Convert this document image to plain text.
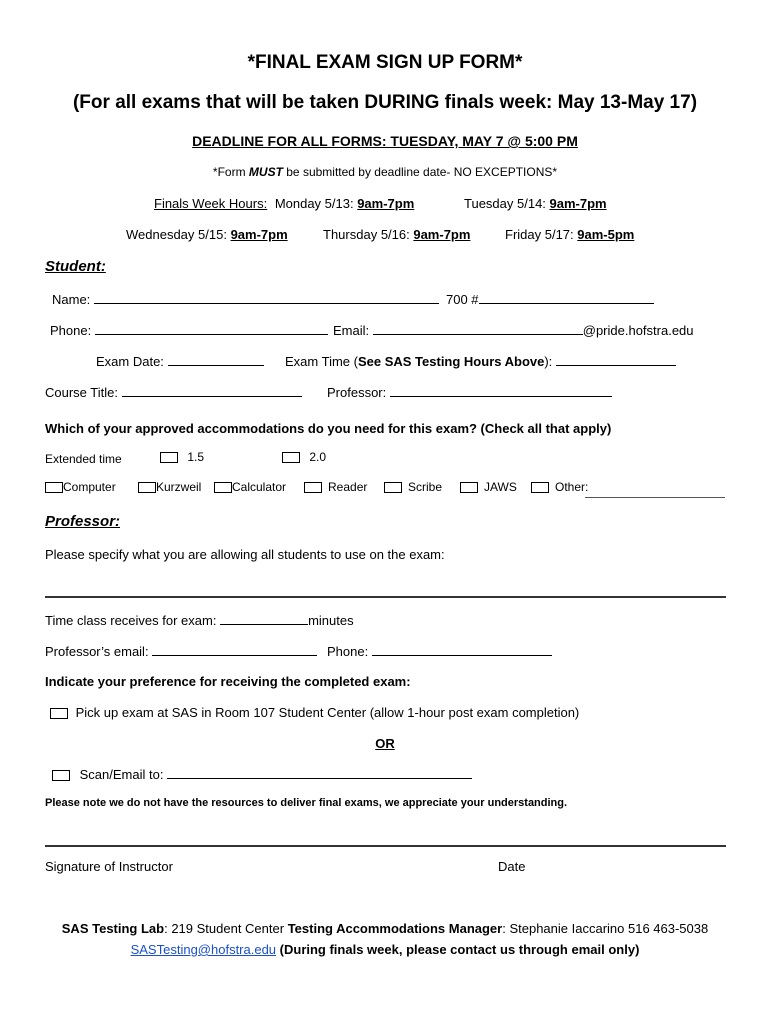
*FINAL EXAM SIGN UP FORM*
(For all exams that will be taken DURING finals week: May 13-May 17)
DEADLINE FOR ALL FORMS: TUESDAY, MAY 7 @ 5:00 PM
*Form MUST be submitted by deadline date- NO EXCEPTIONS*
Finals Week Hours: Monday 5/13: 9am-7pm	Tuesday 5/14: 9am-7pm
Wednesday 5/15: 9am-7pm	Thursday 5/16: 9am-7pm	Friday 5/17: 9am-5pm
Student:
Name:	700 #
Phone:	Email:	@pride.hofstra.edu
Exam Date:	Exam Time (See SAS Testing Hours Above):
Course Title:	Professor:
Which of your approved accommodations do you need for this exam? (Check all that apply)
Extended time	1.5	2.0
Computer	Kurzweil	Calculator	Reader	Scribe	JAWS	Other:
Professor:
Please specify what you are allowing all students to use on the exam:
Time class receives for exam:	minutes
Professor’s email:	Phone:
Indicate your preference for receiving the completed exam:
Pick up exam at SAS in Room 107 Student Center (allow 1-hour post exam completion)
OR
Scan/Email to:
Please note we do not have the resources to deliver final exams, we appreciate your understanding.
Signature of Instructor	Date
SAS Testing Lab: 219 Student Center Testing Accommodations Manager: Stephanie Iaccarino 516 463-5038
SASTesting@hofstra.edu (During finals week, please contact us through email only)
